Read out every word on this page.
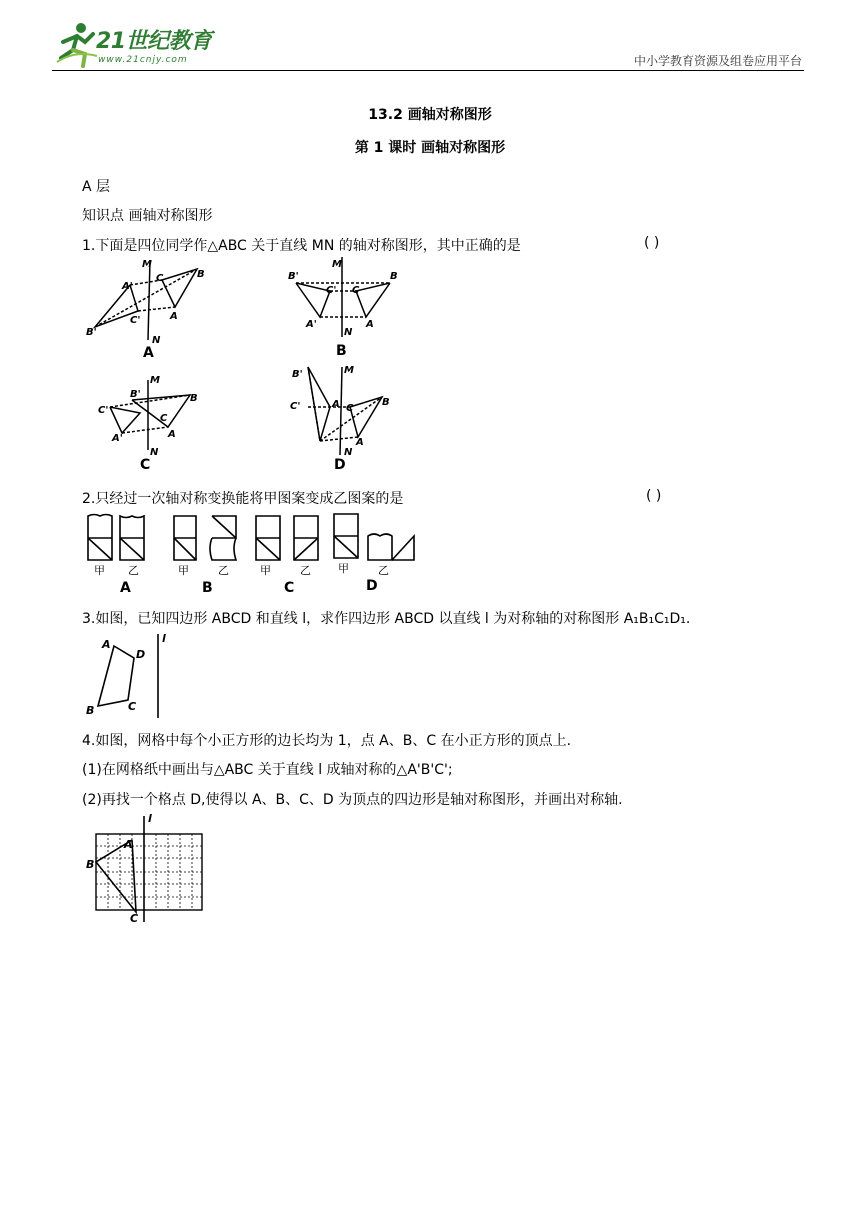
21世纪教育
www.21cnjy.com	中小学教育资源及组卷应用平台
13.2 画轴对称图形
第 1 课时 画轴对称图形
A 层
知识点 画轴对称图形
1.下面是四位同学作△ABC 关于直线 MN 的轴对称图形，其中正确的是	( )
M
N
B
C
A
A'
B'
C'
M
N
B'	B
C' C
A'	A
M
N
B'	B
C'
C
A'	A
B'	M
C'	A' C
B
A
N
A	B
C	D
2.只经过一次轴对称变换能将甲图案变成乙图案的是	( )
甲 乙	甲	乙	甲	乙 甲	乙
A	B	C	D
3.如图，已知四边形 ABCD 和直线 l，求作四边形 ABCD 以直线 l 为对称轴的对称图形 A₁B₁C₁D₁.
A
D
C
B
l
4.如图，网格中每个小正方形的边长均为 1，点 A、B、C 在小正方形的顶点上.
(1)在网格纸中画出与△ABC 关于直线 l 成轴对称的△A'B'C';
(2)再找一个格点 D,使得以 A、B、C、D 为顶点的四边形是轴对称图形，并画出对称轴.
l
A
B
C
